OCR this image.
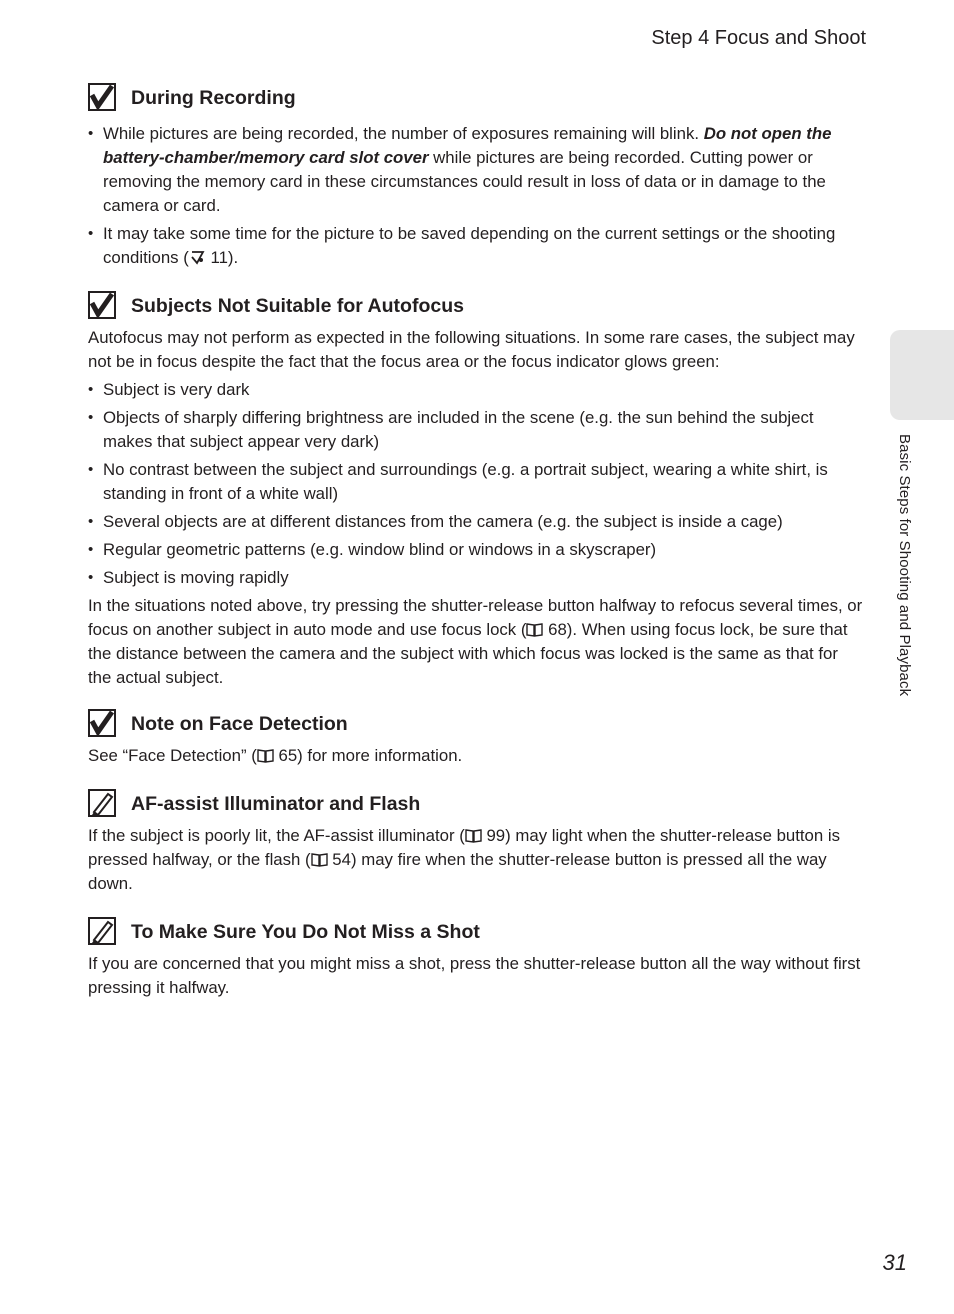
Step 4 Focus and Shoot
Basic Steps for Shooting and Playback
During Recording
• While pictures are being recorded, the number of exposures remaining will blink. Do not open the battery-chamber/memory card slot cover while pictures are being recorded. Cutting power or removing the memory card in these circumstances could result in loss of data or in damage to the camera or card.
• It may take some time for the picture to be saved depending on the current settings or the shooting conditions ( 11).
Subjects Not Suitable for Autofocus

Autofocus may not perform as expected in the following situations. In some rare cases, the subject may not be in focus despite the fact that the focus area or the focus indicator glows green:

• Subject is very dark
• Objects of sharply differing brightness are included in the scene (e.g. the sun behind the subject makes that subject appear very dark)
• No contrast between the subject and surroundings (e.g. a portrait subject, wearing a white shirt, is standing in front of a white wall)
• Several objects are at different distances from the camera (e.g. the subject is inside a cage)
• Regular geometric patterns (e.g. window blind or windows in a skyscraper)
• Subject is moving rapidly

In the situations noted above, try pressing the shutter-release button halfway to refocus several times, or focus on another subject in auto mode and use focus lock ( 68). When using focus lock, be sure that the distance between the camera and the subject with which focus was locked is the same as that for the actual subject.

Note on Face Detection

See “Face Detection” ( 65) for more information.

AF-assist Illuminator and Flash

If the subject is poorly lit, the AF-assist illuminator ( 99) may light when the shutter-release button is pressed halfway, or the flash ( 54) may fire when the shutter-release button is pressed all the way down.

To Make Sure You Do Not Miss a Shot

If you are concerned that you might miss a shot, press the shutter-release button all the way without first pressing it halfway.

31
